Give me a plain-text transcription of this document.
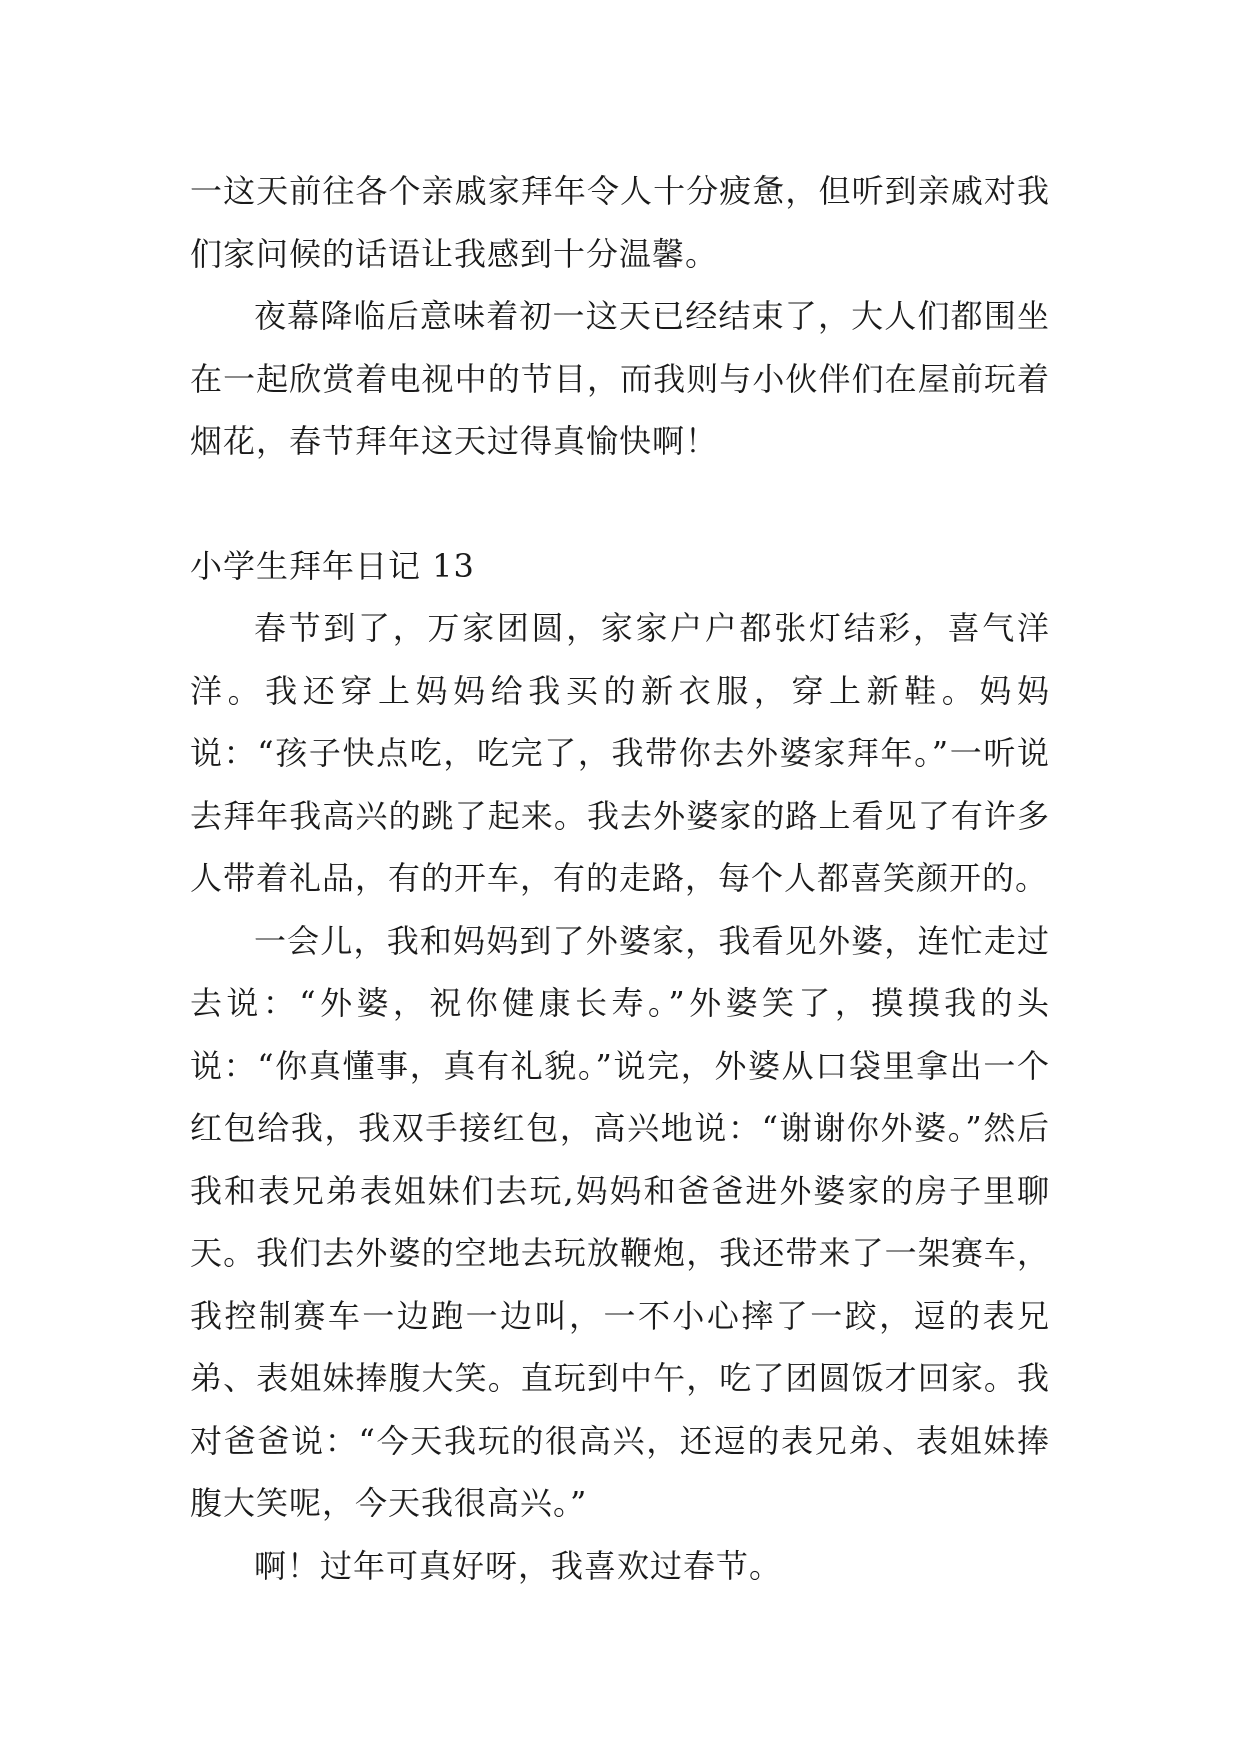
一这天前往各个亲戚家拜年令人十分疲惫，但听到亲戚对我们家问候的话语让我感到十分温馨。

夜幕降临后意味着初一这天已经结束了，大人们都围坐在一起欣赏着电视中的节目，而我则与小伙伴们在屋前玩着烟花，春节拜年这天过得真愉快啊！

小学生拜年日记 13

春节到了，万家团圆，家家户户都张灯结彩，喜气洋洋。我还穿上妈妈给我买的新衣服，穿上新鞋。妈妈说：“孩子快点吃，吃完了，我带你去外婆家拜年。”一听说去拜年我高兴的跳了起来。我去外婆家的路上看见了有许多人带着礼品，有的开车，有的走路，每个人都喜笑颜开的。

一会儿，我和妈妈到了外婆家，我看见外婆，连忙走过去说：“外婆，祝你健康长寿。”外婆笑了，摸摸我的头说：“你真懂事，真有礼貌。”说完，外婆从口袋里拿出一个红包给我，我双手接红包，高兴地说：“谢谢你外婆。”然后我和表兄弟表姐妹们去玩,妈妈和爸爸进外婆家的房子里聊天。我们去外婆的空地去玩放鞭炮，我还带来了一架赛车，我控制赛车一边跑一边叫，一不小心摔了一跤，逗的表兄弟、表姐妹捧腹大笑。直玩到中午，吃了团圆饭才回家。我对爸爸说：“今天我玩的很高兴，还逗的表兄弟、表姐妹捧腹大笑呢，今天我很高兴。”

啊！过年可真好呀，我喜欢过春节。
